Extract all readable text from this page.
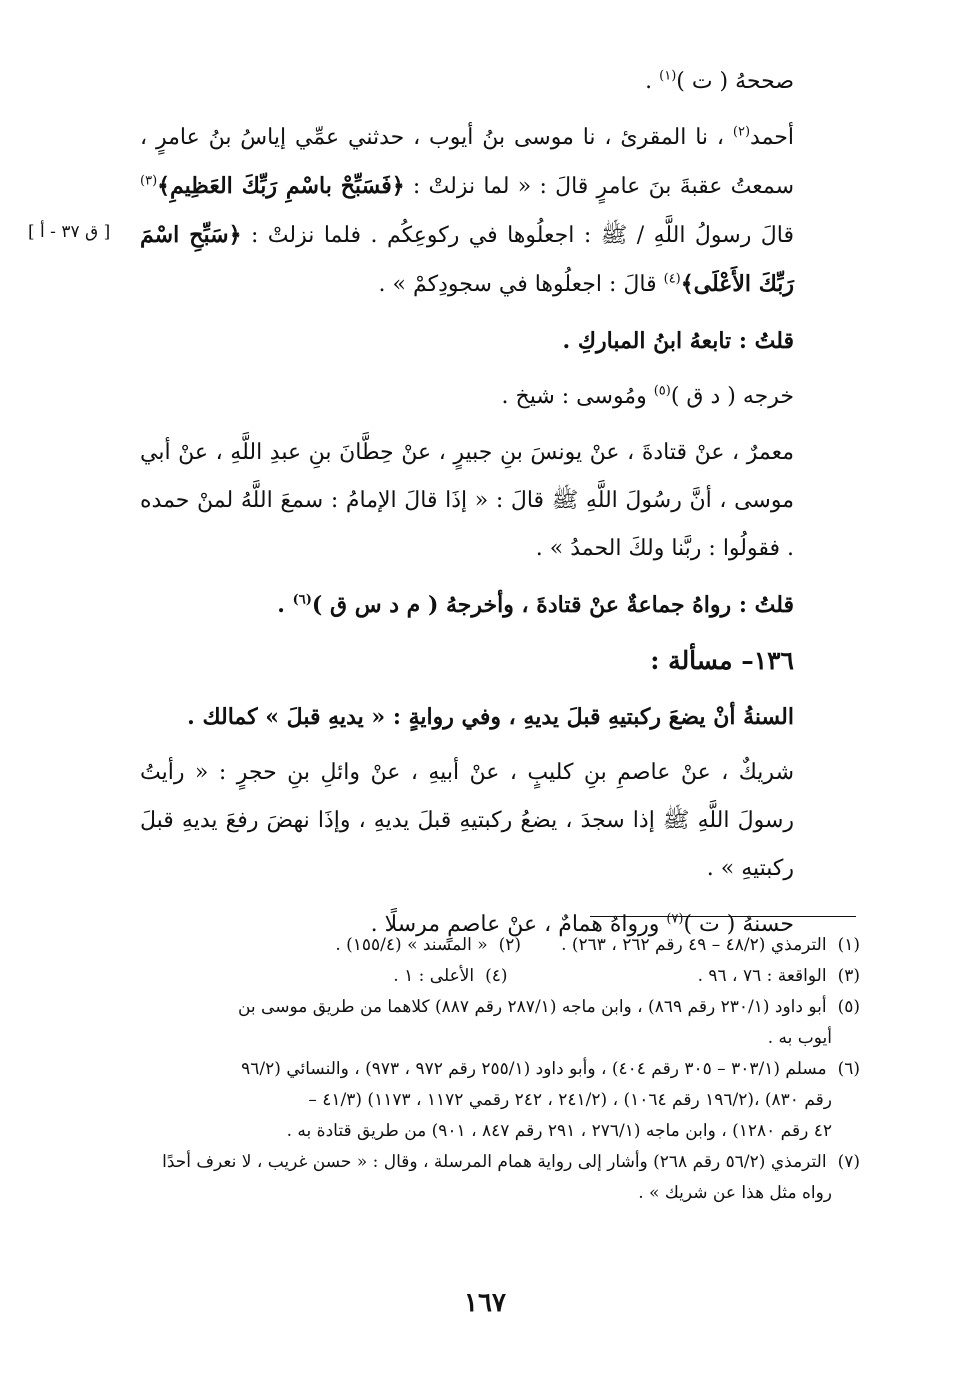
صححهُ ( ت )$^{(١)}$ .

أحمد$^{(٢)}$ ، نا المقرئ ، نا موسى بنُ أيوب ، حدثني عمِّي إياسُ بنُ عامرٍ ، سمعتُ عقبةَ بنَ عامرٍ قالَ : « لما نزلتْ : ﴿فَسَبِّحْ باسْمِ رَبِّكَ العَظِيمِ﴾$^{(٣)}$ قالَ رسولُ اللَّهِ / ﷺ : اجعلُوها في ركوعِكُم . فلما نزلتْ : ﴿سَبِّحِ اسْمَ رَبِّكَ الأَعْلَى﴾$^{(٤)}$ قالَ : اجعلُوها في سجودِكمْ » .

قلتُ : تابعهُ ابنُ المباركِ .

خرجه ( د ق )$^{(٥)}$ ومُوسى : شيخ .

معمرٌ ، عنْ قتادةَ ، عنْ يونسَ بنِ جبيرٍ ، عنْ حِطَّانَ بنِ عبدِ اللَّهِ ، عنْ أبي موسى ، أنَّ رسُولَ اللَّهِ ﷺ قالَ : « إذَا قالَ الإمامُ : سمعَ اللَّهُ لمنْ حمده . فقولُوا : ربَّنا ولكَ الحمدُ » .

قلتُ : رواهُ جماعةٌ عنْ قتادةَ ، وأخرجهُ ( م د س ق )$^{(٦)}$ .

١٣٦– مسألة :

السنةُ أنْ يضعَ ركبتيهِ قبلَ يديهِ ، وفي روايةٍ : « يديهِ قبلَ » كمالك .

شريكٌ ، عنْ عاصمِ بنِ كليبٍ ، عنْ أبيهِ ، عنْ وائلِ بنِ حجرٍ : « رأيتُ رسولَ اللَّهِ ﷺ إذا سجدَ ، يضعُ ركبتيهِ قبلَ يديهِ ، وإذَا نهضَ رفعَ يديهِ قبلَ ركبتيهِ » .

حسنهُ ( ت )$^{(٧)}$ ورواهُ همامٌ ، عنْ عاصمٍ مرسلًا .

[ ق ٣٧ - أ ]

(١) الترمذي (٤٨/٢ – ٤٩ رقم ٢٦٢ ، ٢٦٣) .

(٢) « المسند » (١٥٥/٤) .

(٣) الواقعة : ٧٦ ، ٩٦ .

(٤) الأعلى : ١ .

(٥) أبو داود (٢٣٠/١ رقم ٨٦٩) ، وابن ماجه (٢٨٧/١ رقم ٨٨٧) كلاهما من طريق موسى بن

أيوب به .

(٦) مسلم (٣٠٣/١ – ٣٠٥ رقم ٤٠٤) ، وأبو داود (٢٥٥/١ رقم ٩٧٢ ، ٩٧٣) ، والنسائي (٩٦/٢

رقم ٨٣٠) ،(١٩٦/٢ رقم ١٠٦٤) ، (٢٤١/٢ ، ٢٤٢ رقمي ١١٧٢ ، ١١٧٣) (٤١/٣ –

٤٢ رقم ١٢٨٠) ، وابن ماجه (٢٧٦/١ ، ٢٩١ رقم ٨٤٧ ، ٩٠١) من طريق قتادة به .

(٧) الترمذي (٥٦/٢ رقم ٢٦٨) وأشار إلى رواية همام المرسلة ، وقال : « حسن غريب ، لا نعرف أحدًا

رواه مثل هذا عن شريك » .

١٦٧
